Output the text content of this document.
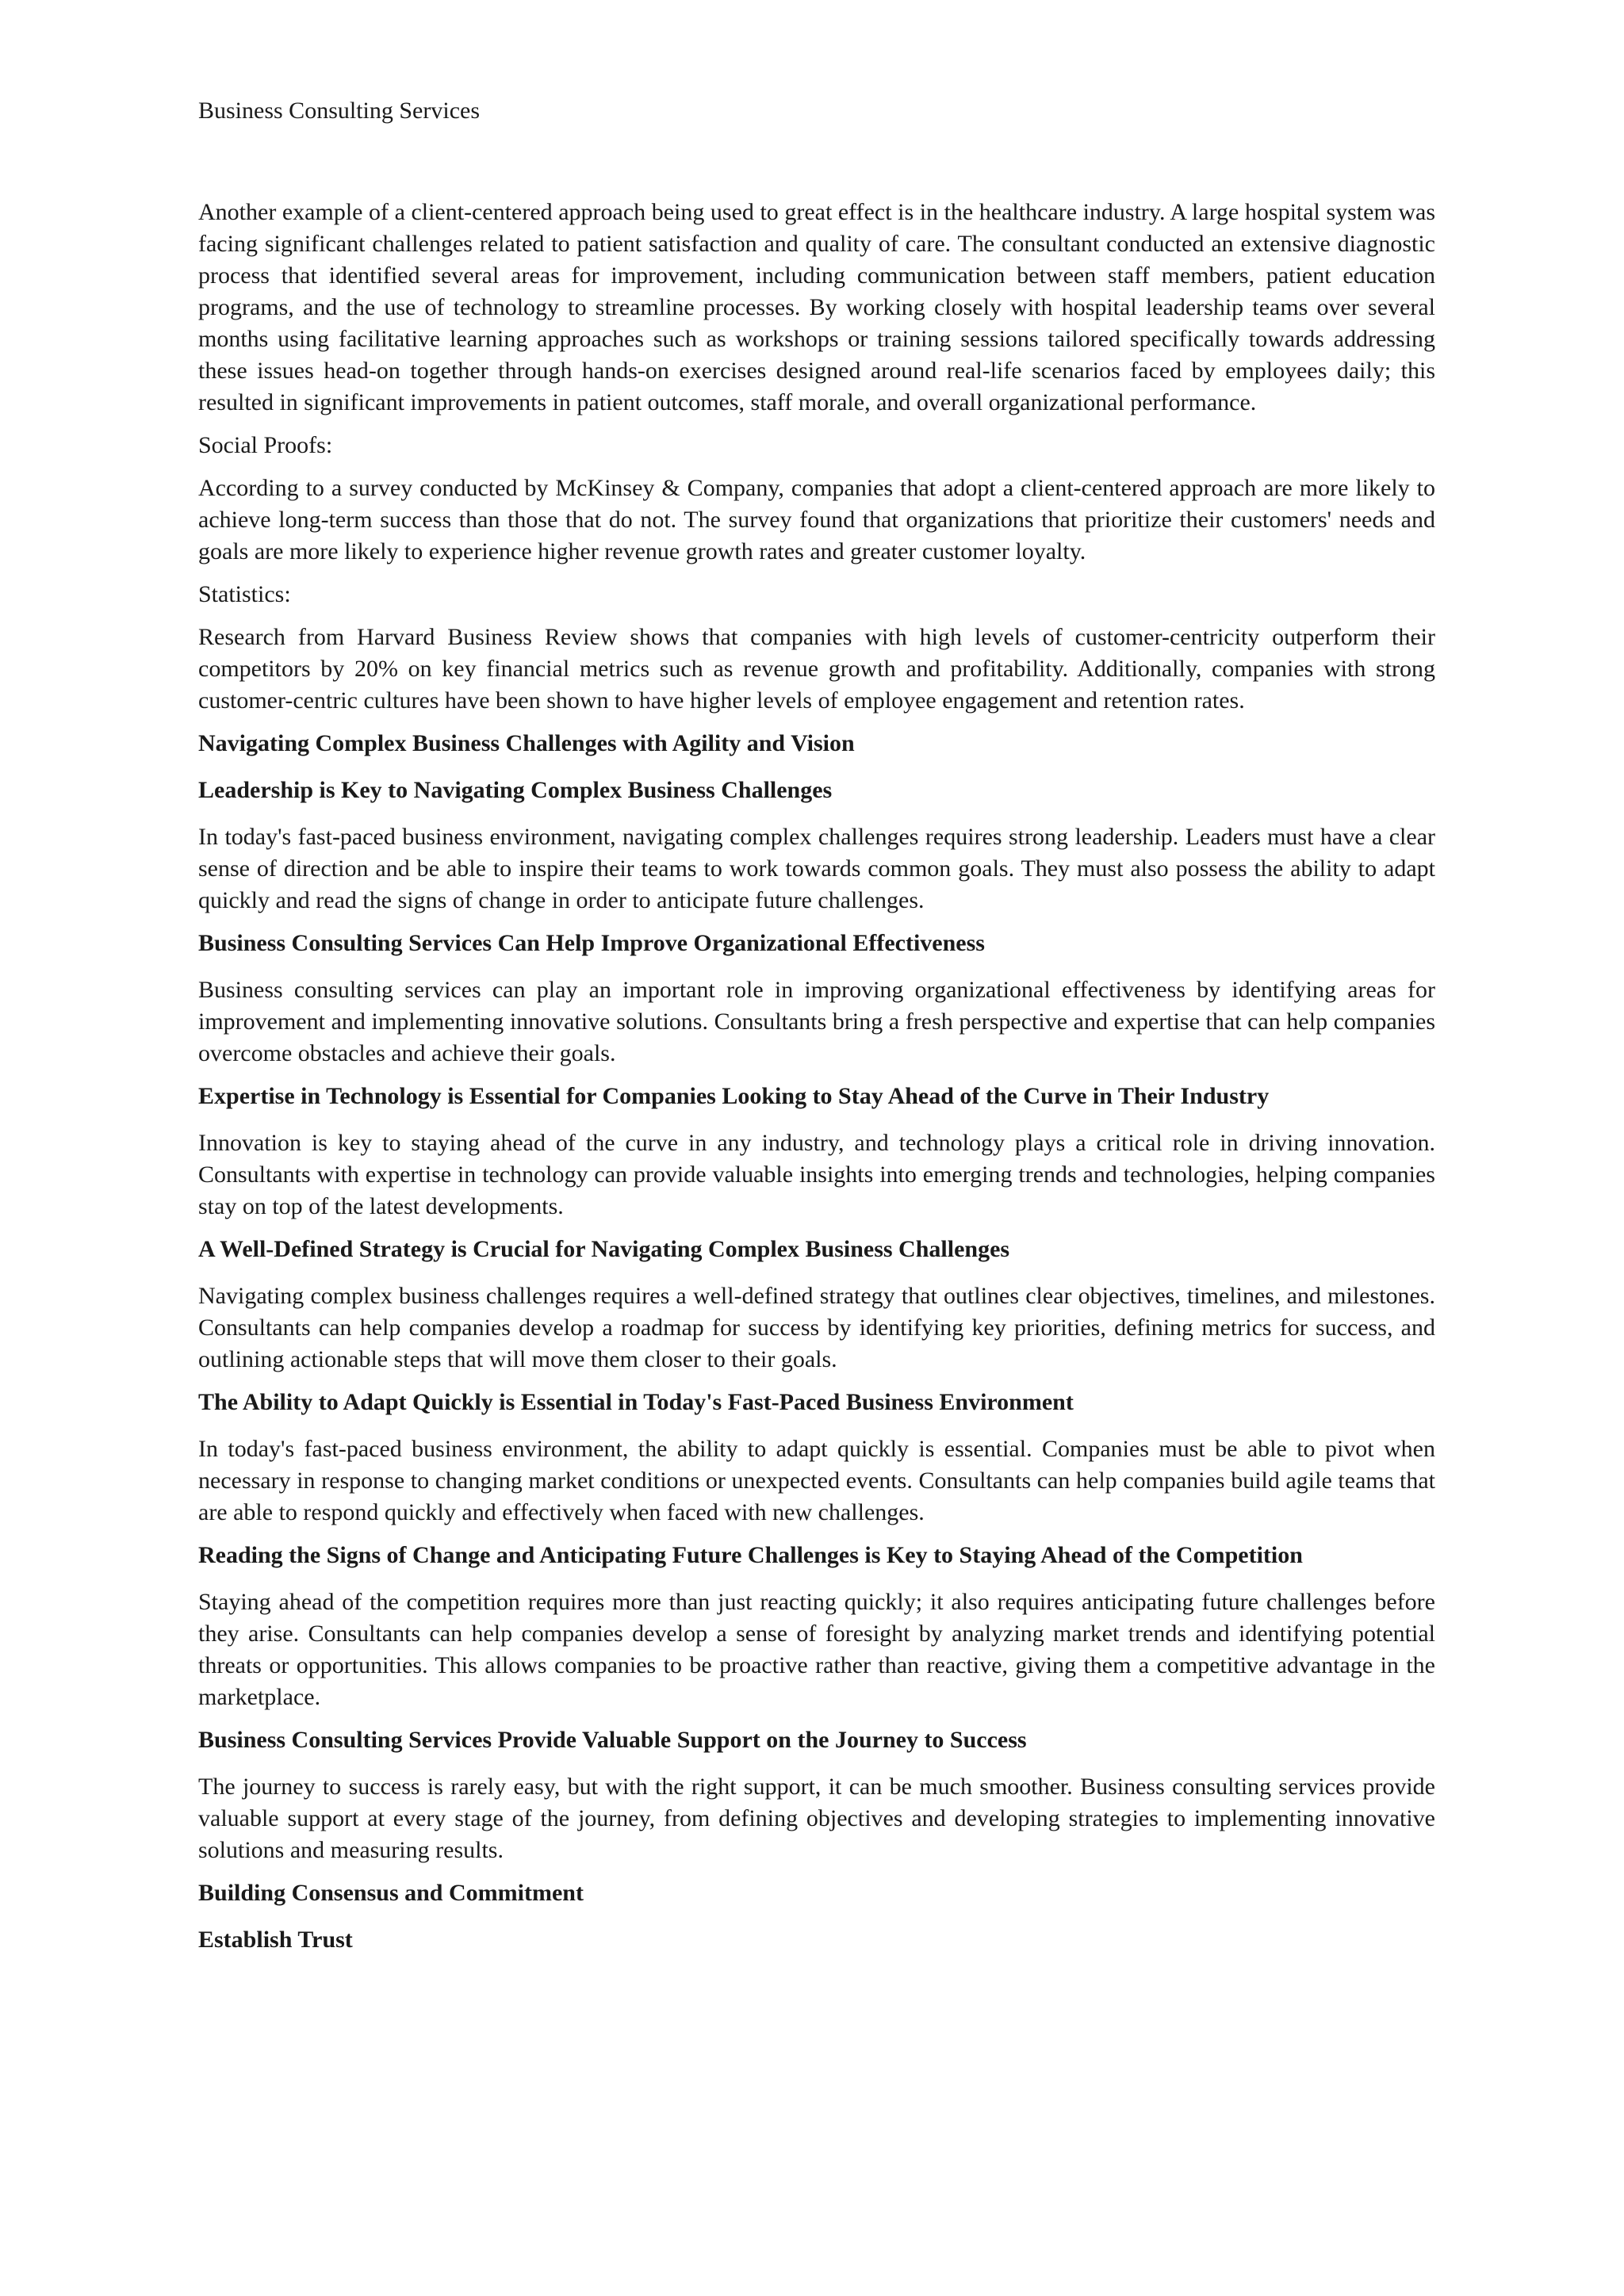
Business Consulting Services

Another example of a client-centered approach being used to great effect is in the healthcare industry. A large hospital system was facing significant challenges related to patient satisfaction and quality of care. The consultant conducted an extensive diagnostic process that identified several areas for improvement, including communication between staff members, patient education programs, and the use of technology to streamline processes. By working closely with hospital leadership teams over several months using facilitative learning approaches such as workshops or training sessions tailored specifically towards addressing these issues head-on together through hands-on exercises designed around real-life scenarios faced by employees daily; this resulted in significant improvements in patient outcomes, staff morale, and overall organizational performance.

Social Proofs:

According to a survey conducted by McKinsey & Company, companies that adopt a client-centered approach are more likely to achieve long-term success than those that do not. The survey found that organizations that prioritize their customers' needs and goals are more likely to experience higher revenue growth rates and greater customer loyalty.

Statistics:

Research from Harvard Business Review shows that companies with high levels of customer-centricity outperform their competitors by 20% on key financial metrics such as revenue growth and profitability. Additionally, companies with strong customer-centric cultures have been shown to have higher levels of employee engagement and retention rates.

Navigating Complex Business Challenges with Agility and Vision
Leadership is Key to Navigating Complex Business Challenges

In today's fast-paced business environment, navigating complex challenges requires strong leadership. Leaders must have a clear sense of direction and be able to inspire their teams to work towards common goals. They must also possess the ability to adapt quickly and read the signs of change in order to anticipate future challenges.

Business Consulting Services Can Help Improve Organizational Effectiveness

Business consulting services can play an important role in improving organizational effectiveness by identifying areas for improvement and implementing innovative solutions. Consultants bring a fresh perspective and expertise that can help companies overcome obstacles and achieve their goals.

Expertise in Technology is Essential for Companies Looking to Stay Ahead of the Curve in Their Industry

Innovation is key to staying ahead of the curve in any industry, and technology plays a critical role in driving innovation. Consultants with expertise in technology can provide valuable insights into emerging trends and technologies, helping companies stay on top of the latest developments.

A Well-Defined Strategy is Crucial for Navigating Complex Business Challenges

Navigating complex business challenges requires a well-defined strategy that outlines clear objectives, timelines, and milestones. Consultants can help companies develop a roadmap for success by identifying key priorities, defining metrics for success, and outlining actionable steps that will move them closer to their goals.

The Ability to Adapt Quickly is Essential in Today's Fast-Paced Business Environment

In today's fast-paced business environment, the ability to adapt quickly is essential. Companies must be able to pivot when necessary in response to changing market conditions or unexpected events. Consultants can help companies build agile teams that are able to respond quickly and effectively when faced with new challenges.

Reading the Signs of Change and Anticipating Future Challenges is Key to Staying Ahead of the Competition

Staying ahead of the competition requires more than just reacting quickly; it also requires anticipating future challenges before they arise. Consultants can help companies develop a sense of foresight by analyzing market trends and identifying potential threats or opportunities. This allows companies to be proactive rather than reactive, giving them a competitive advantage in the marketplace.

Business Consulting Services Provide Valuable Support on the Journey to Success

The journey to success is rarely easy, but with the right support, it can be much smoother. Business consulting services provide valuable support at every stage of the journey, from defining objectives and developing strategies to implementing innovative solutions and measuring results.

Building Consensus and Commitment
Establish Trust
